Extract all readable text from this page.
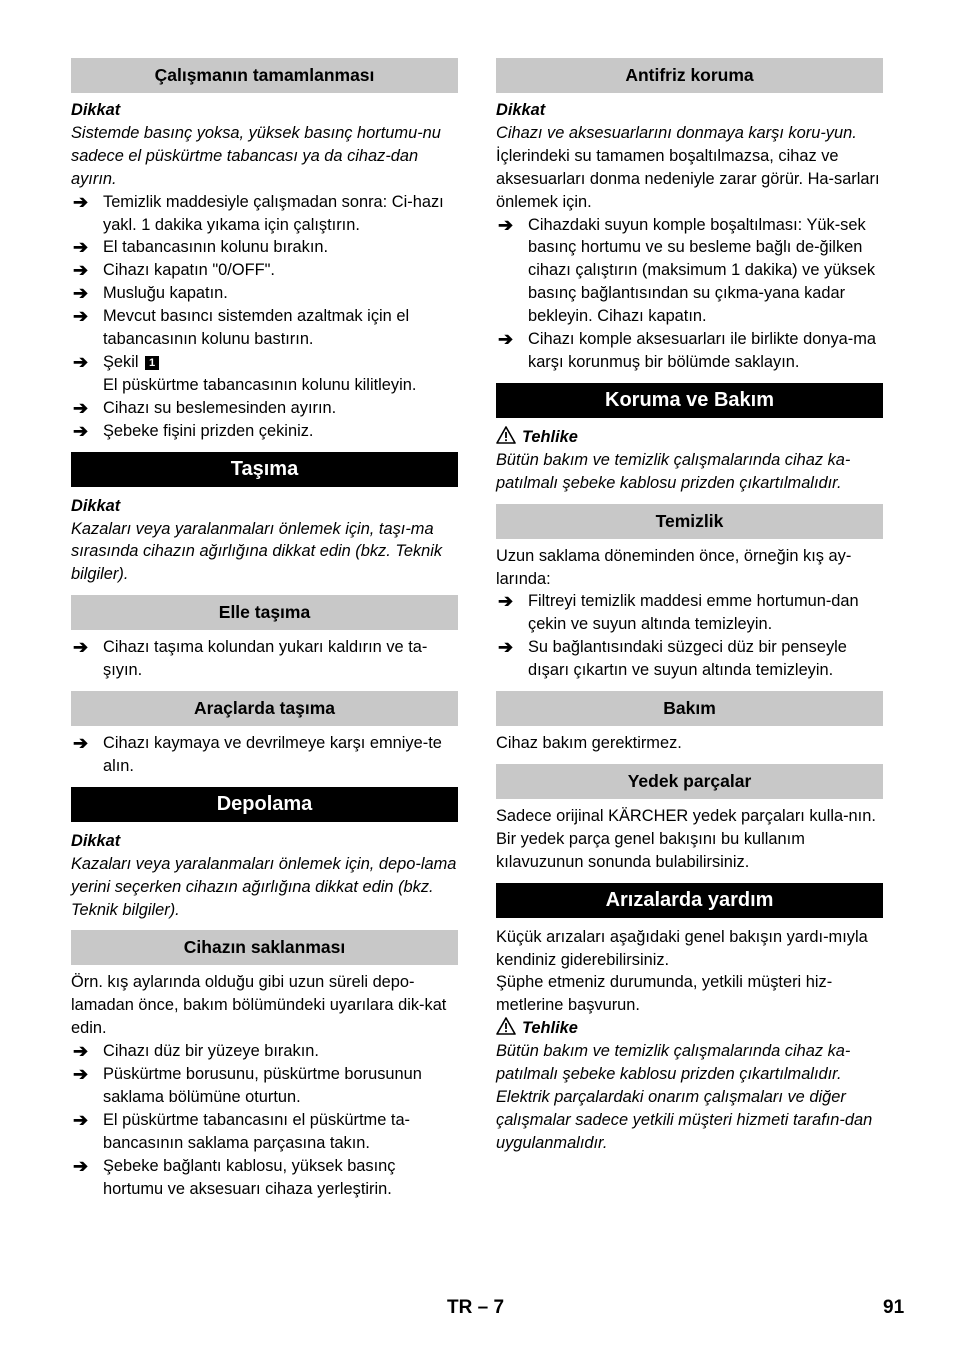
Çalışmanın tamamlanması

Dikkat

Sistemde basınç yoksa, yüksek basınç hortumu-nu sadece el püskürtme tabancası ya da cihaz-dan ayırın.

➔ Temizlik maddesiyle çalışmadan sonra: Ci-hazı yakl. 1 dakika yıkama için çalıştırın.
➔ El tabancasının kolunu bırakın.
➔ Cihazı kapatın "0/OFF".
➔ Musluğu kapatın.
➔ Mevcut basıncı sistemden azaltmak için el tabancasının kolunu bastırın.
➔ Şekil 1
El püskürtme tabancasının kolunu kilitleyin.
➔ Cihazı su beslemesinden ayırın.
➔ Şebeke fişini prizden çekiniz.
Taşıma

Dikkat

Kazaları veya yaralanmaları önlemek için, taşı-ma sırasında cihazın ağırlığına dikkat edin (bkz. Teknik bilgiler).

Elle taşıma
➔ Cihazı taşıma kolundan yukarı kaldırın ve ta-şıyın.
Araçlarda taşıma
➔ Cihazı kaymaya ve devrilmeye karşı emniye-te alın.
Depolama

Dikkat

Kazaları veya yaralanmaları önlemek için, depo-lama yerini seçerken cihazın ağırlığına dikkat edin (bkz. Teknik bilgiler).

Cihazın saklanması

Örn. kış aylarında olduğu gibi uzun süreli depo-lamadan önce, bakım bölümündeki uyarılara dik-kat edin.

➔ Cihazı düz bir yüzeye bırakın.
➔ Püskürtme borusunu, püskürtme borusunun saklama bölümüne oturtun.
➔ El püskürtme tabancasını el püskürtme ta-bancasının saklama parçasına takın.
➔ Şebeke bağlantı kablosu, yüksek basınç hortumu ve aksesuarı cihaza yerleştirin.
Antifriz koruma

Dikkat

Cihazı ve aksesuarlarını donmaya karşı koru-yun.

İçlerindeki su tamamen boşaltılmazsa, cihaz ve aksesuarları donma nedeniyle zarar görür. Ha-sarları önlemek için.

➔ Cihazdaki suyun komple boşaltılması: Yük-sek basınç hortumu ve su besleme bağlı de-ğilken cihazı çalıştırın (maksimum 1 dakika) ve yüksek basınç bağlantısından su çıkma-yana kadar bekleyin. Cihazı kapatın.
➔ Cihazı komple aksesuarları ile birlikte donya-ma karşı korunmuş bir bölümde saklayın.
Koruma ve Bakım

Tehlike

Bütün bakım ve temizlik çalışmalarında cihaz ka-patılmalı şebeke kablosu prizden çıkartılmalıdır.

Temizlik

Uzun saklama döneminden önce, örneğin kış ay-larında:

➔ Filtreyi temizlik maddesi emme hortumun-dan çekin ve suyun altında temizleyin.
➔ Su bağlantısındaki süzgeci düz bir penseyle dışarı çıkartın ve suyun altında temizleyin.
Bakım

Cihaz bakım gerektirmez.

Yedek parçalar

Sadece orijinal KÄRCHER yedek parçaları kulla-nın. Bir yedek parça genel bakışını bu kullanım kılavuzunun sonunda bulabilirsiniz.

Arızalarda yardım

Küçük arızaları aşağıdaki genel bakışın yardı-mıyla kendiniz giderebilirsiniz.

Şüphe etmeniz durumunda, yetkili müşteri hiz-metlerine başvurun.

Tehlike

Bütün bakım ve temizlik çalışmalarında cihaz ka-patılmalı şebeke kablosu prizden çıkartılmalıdır.

Elektrik parçalardaki onarım çalışmaları ve diğer çalışmalar sadece yetkili müşteri hizmeti tarafın-dan uygulanmalıdır.

TR – 7	91
